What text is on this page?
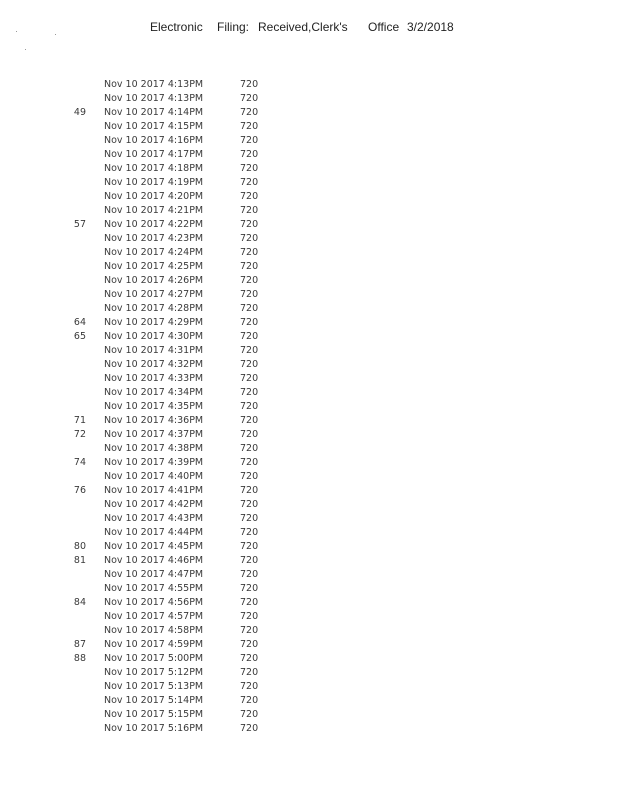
Electronic Filing: Received,Clerk's Office 3/2/2018
Nov 10 2017 4:13PM	720
Nov 10 2017 4:13PM	720
49 Nov 10 2017 4:14PM	720
Nov 10 2017 4:15PM	720
Nov 10 2017 4:16PM	720
Nov 10 2017 4:17PM	720
Nov 10 2017 4:18PM	720
Nov 10 2017 4:19PM	720
Nov 10 2017 4:20PM	720
Nov 10 2017 4:21PM	720
57 Nov 10 2017 4:22PM	720
Nov 10 2017 4:23PM	720
Nov 10 2017 4:24PM	720
Nov 10 2017 4:25PM	720
Nov 10 2017 4:26PM	720
Nov 10 2017 4:27PM	720
Nov 10 2017 4:28PM	720
64 Nov 10 2017 4:29PM	720
65 Nov 10 2017 4:30PM	720
Nov 10 2017 4:31PM	720
Nov 10 2017 4:32PM	720
Nov 10 2017 4:33PM	720
Nov 10 2017 4:34PM	720
Nov 10 2017 4:35PM	720
71 Nov 10 2017 4:36PM	720
72 Nov 10 2017 4:37PM	720
Nov 10 2017 4:38PM	720
74 Nov 10 2017 4:39PM	720
Nov 10 2017 4:40PM	720
76 Nov 10 2017 4:41PM	720
Nov 10 2017 4:42PM	720
Nov 10 2017 4:43PM	720
Nov 10 2017 4:44PM	720
80 Nov 10 2017 4:45PM	720
81 Nov 10 2017 4:46PM	720
Nov 10 2017 4:47PM	720
Nov 10 2017 4:55PM	720
84 Nov 10 2017 4:56PM	720
Nov 10 2017 4:57PM	720
Nov 10 2017 4:58PM	720
87 Nov 10 2017 4:59PM	720
88 Nov 10 2017 5:00PM	720
Nov 10 2017 5:12PM	720
Nov 10 2017 5:13PM	720
Nov 10 2017 5:14PM	720
Nov 10 2017 5:15PM	720
Nov 10 2017 5:16PM	720
